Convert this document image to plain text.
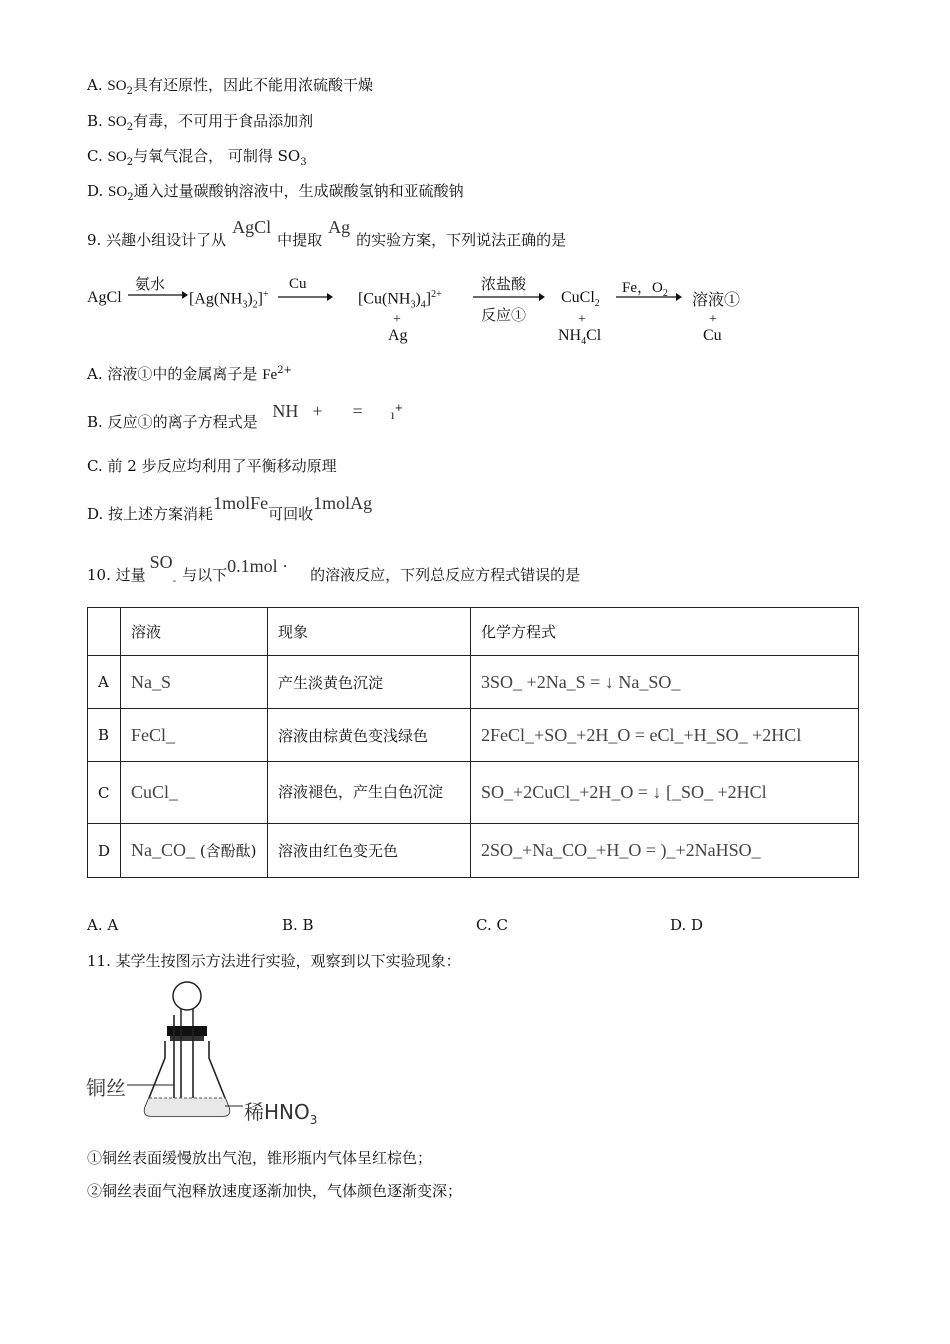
A. $SO_2$具有还原性，因此不能用浓硫酸干燥
B. $SO_2$有毒，不可用于食品添加剂
C. $SO_2$与氧气混合， 可制得 $SO_3$
D. $SO_2$通入过量碳酸钠溶液中，生成碳酸氢钠和亚硫酸钠
9. 兴趣小组设计了从AgCl中提取Ag的实验方案，下列说法正确的是
AgCl
氨水
$[Ag(NH_3)_2]^+$
Cu
$[Cu(NH_3)_4]^{2+}$
+
Ag
浓盐酸
反应①
CuCl$_2$
+
$NH_4Cl$
Fe，$O_2$ 溶液①
+
Cu
A. 溶液①中的金属离子是 $Fe^{2+}$
B. 反应①的离子方程式是 NH + = ı+
C. 前 2 步反应均利用了平衡移动原理
D. 按上述方案消耗1molFe可回收1molAg
10. 过量$SO_-$ 与以下0.1mol · 的溶液反应，下列总反应方程式错误的是
	溶液	现象	化学方程式
A	Na_S	产生淡黄色沉淀	3SO_ +2Na_S = ↓ Na_SO_
B	FeCl_	溶液由棕黄色变浅绿色	2FeCl_+SO_+2H_O = eCl_+H_SO_ +2HCl
C	CuCl_	溶液褪色，产生白色沉淀	SO_+2CuCl_+2H_O = ↓ [_SO_ +2HCl
D	Na_CO_ (含酚酞)	溶液由红色变无色	2SO_+Na_CO_+H_O = )_+2NaHSO_
A. A	B. B	C. C	D. D
11. 某学生按图示方法进行实验，观察到以下实验现象：
铜丝
稀$HNO_3$
①铜丝表面缓慢放出气泡，锥形瓶内气体呈红棕色；
②铜丝表面气泡释放速度逐渐加快，气体颜色逐渐变深；
